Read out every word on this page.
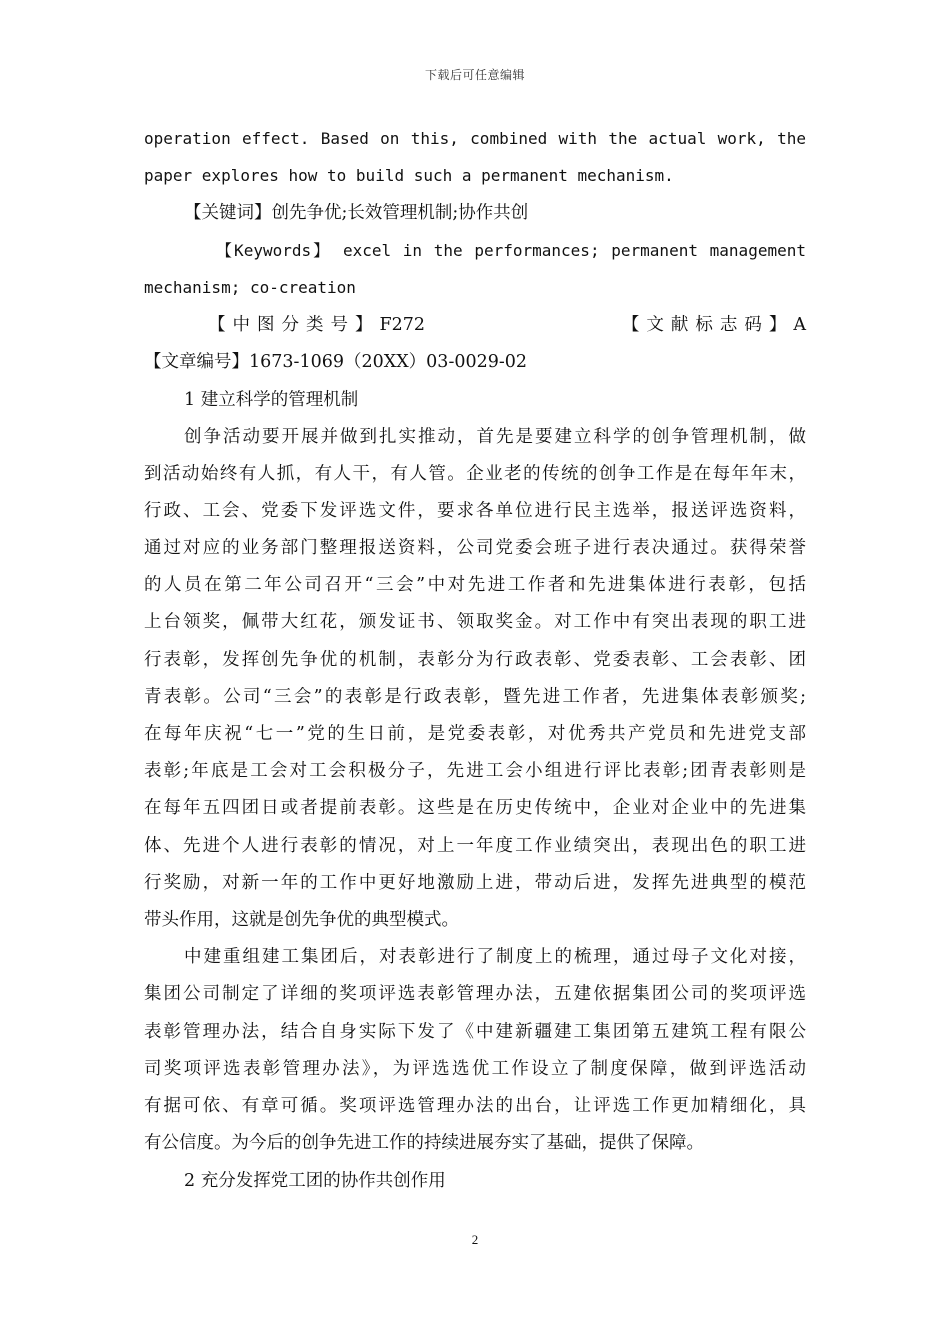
下载后可任意编辑
operation effect. Based on this, combined with the actual work, the
paper explores how to build such a permanent mechanism.
【关键词】创先争优;长效管理机制;协作共创
【Keywords】 excel in the performances; permanent management
mechanism; co-creation
【中图分类号】F272	【文献标志码】A
【文章编号】1673-1069（20XX）03-0029-02
1 建立科学的管理机制
创争活动要开展并做到扎实推动，首先是要建立科学的创争管理机制，做
到活动始终有人抓，有人干，有人管。企业老的传统的创争工作是在每年年末，
行政、工会、党委下发评选文件，要求各单位进行民主选举，报送评选资料，
通过对应的业务部门整理报送资料，公司党委会班子进行表决通过。获得荣誉
的人员在第二年公司召开“三会”中对先进工作者和先进集体进行表彰，包括
上台领奖，佩带大红花，颁发证书、领取奖金。对工作中有突出表现的职工进
行表彰，发挥创先争优的机制，表彰分为行政表彰、党委表彰、工会表彰、团
青表彰。公司“三会”的表彰是行政表彰，暨先进工作者，先进集体表彰颁奖;
在每年庆祝“七一”党的生日前，是党委表彰，对优秀共产党员和先进党支部
表彰;年底是工会对工会积极分子，先进工会小组进行评比表彰;团青表彰则是
在每年五四团日或者提前表彰。这些是在历史传统中，企业对企业中的先进集
体、先进个人进行表彰的情况，对上一年度工作业绩突出，表现出色的职工进
行奖励，对新一年的工作中更好地激励上进，带动后进，发挥先进典型的模范
带头作用，这就是创先争优的典型模式。
中建重组建工集团后，对表彰进行了制度上的梳理，通过母子文化对接，
集团公司制定了详细的奖项评选表彰管理办法，五建依据集团公司的奖项评选
表彰管理办法，结合自身实际下发了《中建新疆建工集团第五建筑工程有限公
司奖项评选表彰管理办法》，为评选选优工作设立了制度保障，做到评选活动
有据可依、有章可循。奖项评选管理办法的出台，让评选工作更加精细化，具
有公信度。为今后的创争先进工作的持续进展夯实了基础，提供了保障。
2 充分发挥党工团的协作共创作用
2
